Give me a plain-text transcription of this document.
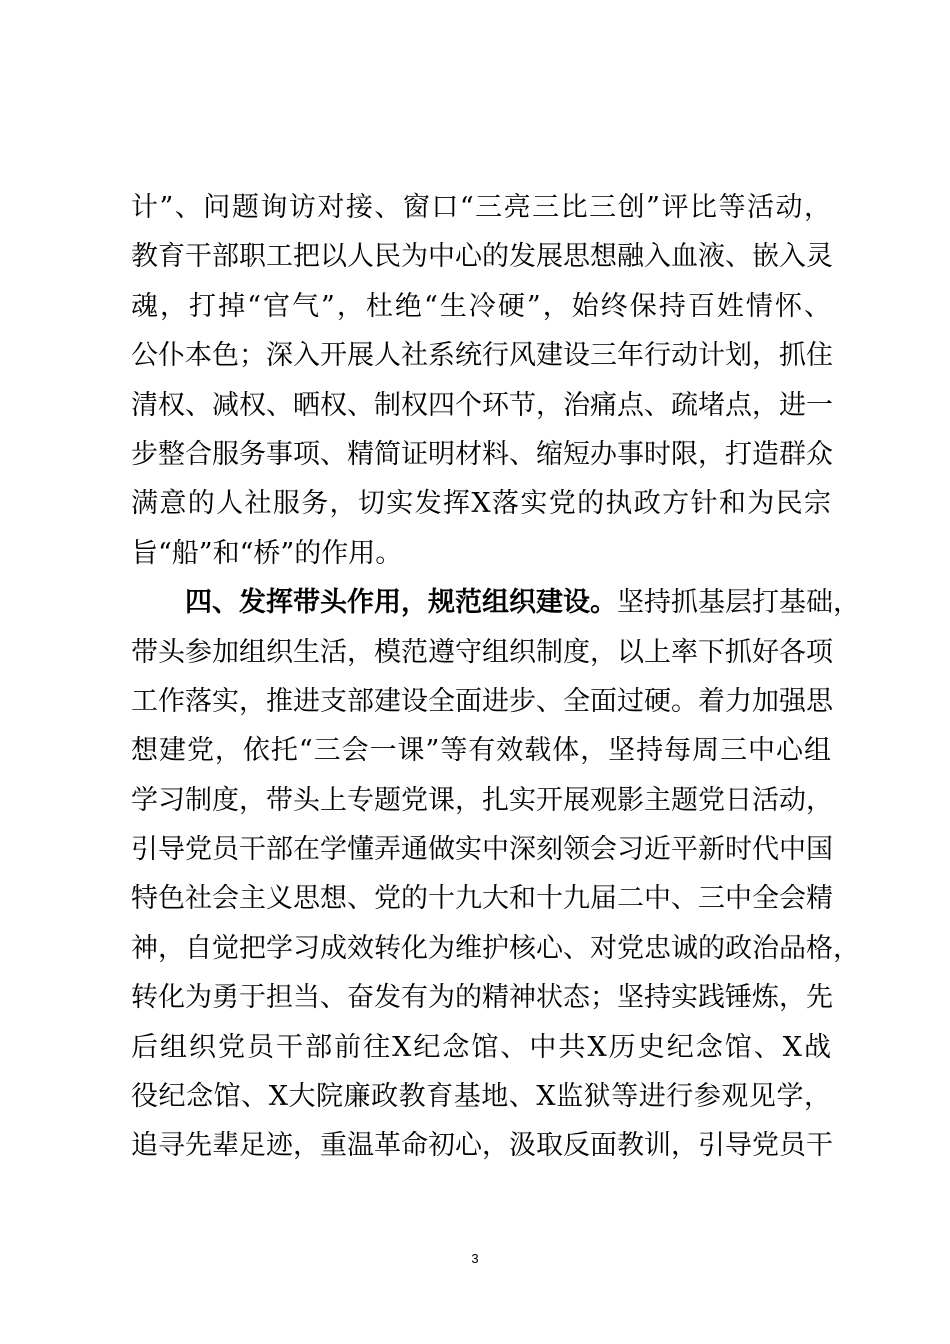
计”、问题询访对接、窗口“三亮三比三创”评比等活动，
教育干部职工把以人民为中心的发展思想融入血液、嵌入灵
魂，打掉“官气”，杜绝“生冷硬”，始终保持百姓情怀、
公仆本色；深入开展人社系统行风建设三年行动计划，抓住
清权、减权、晒权、制权四个环节，治痛点、疏堵点，进一
步整合服务事项、精简证明材料、缩短办事时限，打造群众
满意的人社服务，切实发挥X落实党的执政方针和为民宗
旨“船”和“桥”的作用。
四、发挥带头作用，规范组织建设。坚持抓基层打基础，
带头参加组织生活，模范遵守组织制度，以上率下抓好各项
工作落实，推进支部建设全面进步、全面过硬。着力加强思
想建党，依托“三会一课”等有效载体，坚持每周三中心组
学习制度，带头上专题党课，扎实开展观影主题党日活动，
引导党员干部在学懂弄通做实中深刻领会习近平新时代中国
特色社会主义思想、党的十九大和十九届二中、三中全会精
神，自觉把学习成效转化为维护核心、对党忠诚的政治品格，
转化为勇于担当、奋发有为的精神状态；坚持实践锤炼，先
后组织党员干部前往X纪念馆、中共X历史纪念馆、X战
役纪念馆、X大院廉政教育基地、X监狱等进行参观见学，
追寻先辈足迹，重温革命初心，汲取反面教训，引导党员干
3
